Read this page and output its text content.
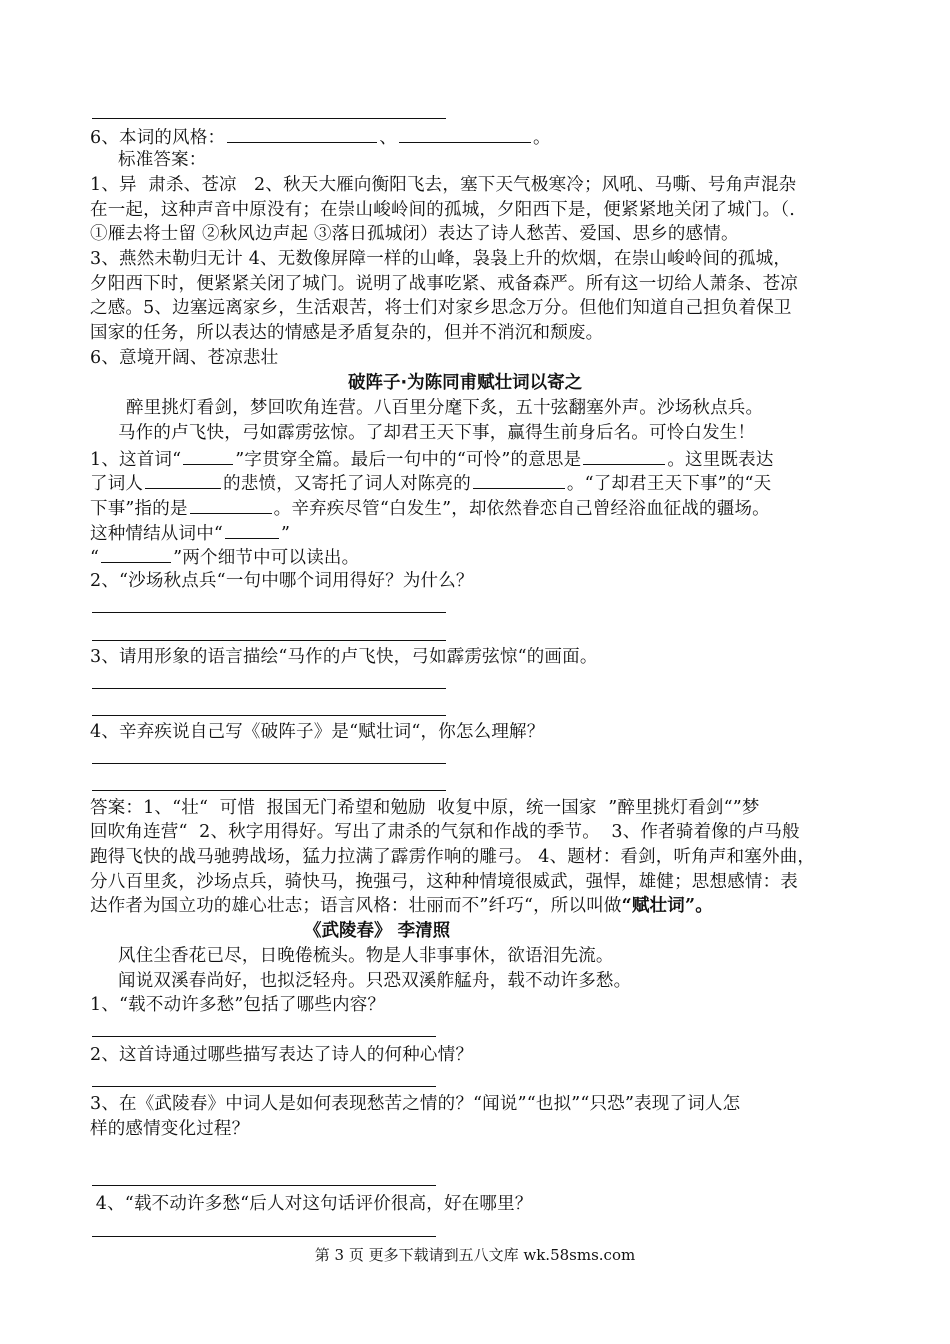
6、本词的风格：	、	。
标准答案：
1、异  肃杀、苍凉   2、秋天大雁向衡阳飞去，塞下天气极寒冷；风吼、马嘶、号角声混杂
在一起，这种声音中原没有；在崇山峻岭间的孤城，夕阳西下是，便紧紧地关闭了城门。（.
①雁去将士留 ②秋风边声起 ③落日孤城闭）表达了诗人愁苦、爱国、思乡的感情。
3、燕然未勒归无计 4、无数像屏障一样的山峰，袅袅上升的炊烟，在崇山峻岭间的孤城，
夕阳西下时，便紧紧关闭了城门。说明了战事吃紧、戒备森严。所有这一切给人萧条、苍凉
之感。5、边塞远离家乡，生活艰苦，将士们对家乡思念万分。但他们知道自己担负着保卫
国家的任务，所以表达的情感是矛盾复杂的，但并不消沉和颓废。
6、意境开阔、苍凉悲壮
破阵子·为陈同甫赋壮词以寄之
醉里挑灯看剑，梦回吹角连营。八百里分麾下炙，五十弦翻塞外声。沙场秋点兵。
马作的卢飞快，弓如霹雳弦惊。了却君王天下事，赢得生前身后名。可怜白发生！
1、这首词“	”字贯穿全篇。最后一句中的“可怜”的意思是	。这里既表达
了词人	的悲愤，又寄托了词人对陈亮的	。“了却君王天下事”的“天
下事”指的是	。辛弃疾尽管“白发生”，却依然眷恋自己曾经浴血征战的疆场。
这种情结从词中“	”
“	”两个细节中可以读出。
2、“沙场秋点兵“一句中哪个词用得好？为什么？
3、请用形象的语言描绘“马作的卢飞快，弓如霹雳弦惊“的画面。
4、辛弃疾说自己写《破阵子》是“赋壮词“，你怎么理解？
答案：1、“壮“  可惜  报国无门希望和勉励  收复中原，统一国家  ”醉里挑灯看剑“”梦
回吹角连营“  2、秋字用得好。写出了肃杀的气氛和作战的季节。  3、作者骑着像的卢马般
跑得飞快的战马驰骋战场，猛力拉满了霹雳作响的雕弓。 4、题材：看剑，听角声和塞外曲，
分八百里炙，沙场点兵，骑快马，挽强弓，这种种情境很威武，强悍，雄健；思想感情：表
达作者为国立功的雄心壮志；语言风格：壮丽而不”纤巧“，所以叫做“赋壮词”。
《武陵春》 李清照
风住尘香花已尽，日晚倦梳头。物是人非事事休，欲语泪先流。
闻说双溪春尚好，也拟泛轻舟。只恐双溪舴艋舟，载不动许多愁。
1、“载不动许多愁”包括了哪些内容？
2、这首诗通过哪些描写表达了诗人的何种心情？
3、在《武陵春》中词人是如何表现愁苦之情的？“闻说”“也拟”“只恐”表现了词人怎
样的感情变化过程？
4、“载不动许多愁“后人对这句话评价很高，好在哪里？
第 3 页 更多下载请到五八文库 wk.58sms.com
